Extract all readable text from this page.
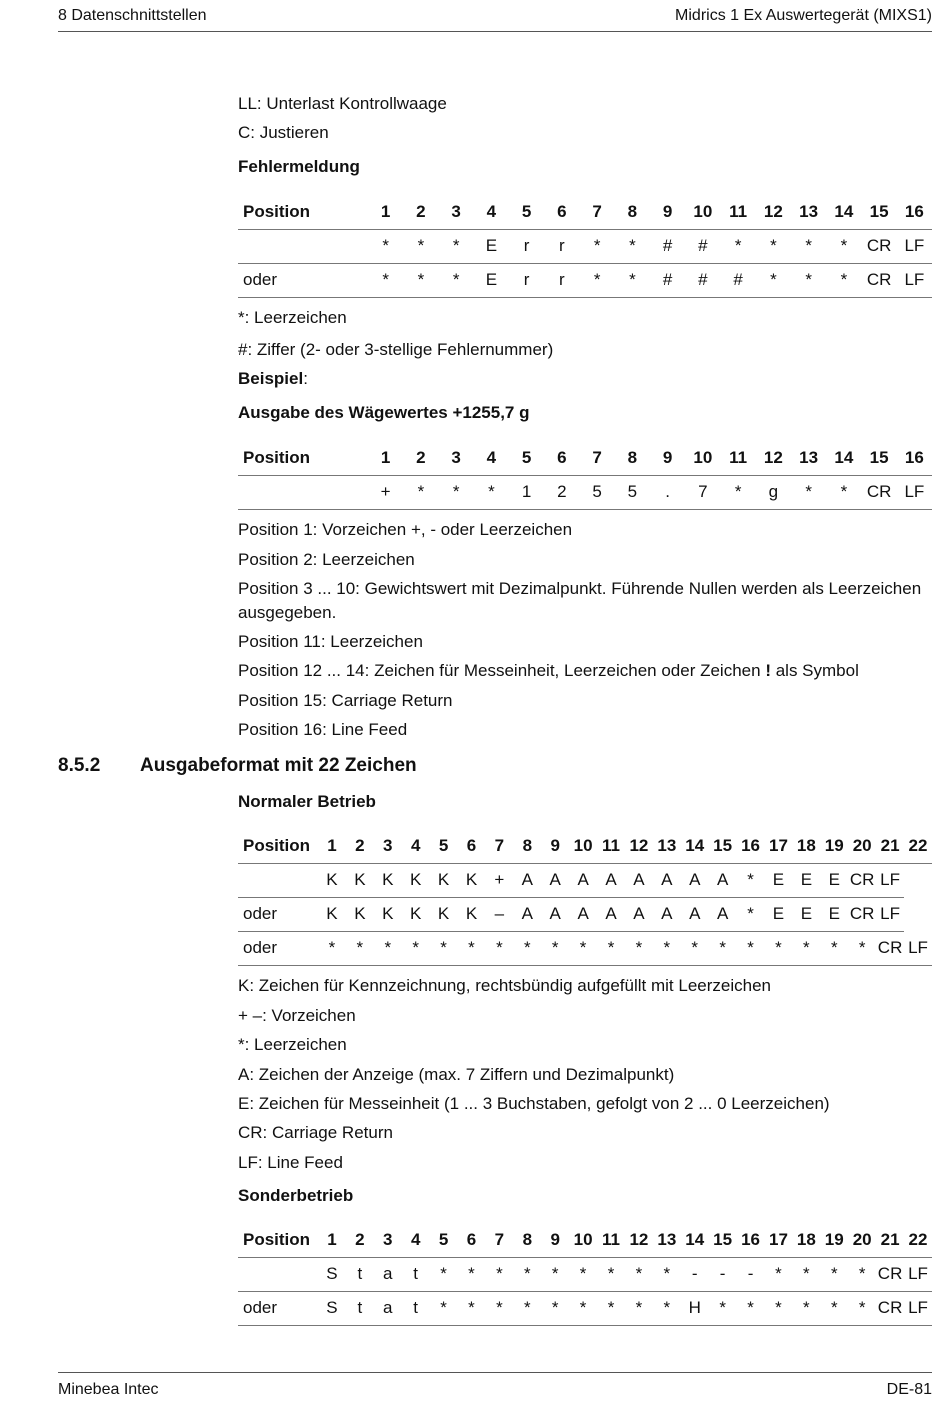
8 Datenschnittstellen	Midrics 1 Ex Auswertegerät (MIXS1)
LL: Unterlast Kontrollwaage
C: Justieren
Fehlermeldung
Position	1	2	3	4	5	6	7	8	9	10	11	12	13	14	15	16
	*	*	*	E	r	r	*	*	#	#	*	*	*	*	CR	LF
oder	*	*	*	E	r	r	*	*	#	#	#	*	*	*	CR	LF
*: Leerzeichen
#: Ziffer (2- oder 3-stellige Fehlernummer)
Beispiel:
Ausgabe des Wägewertes +1255,7 g
Position	1	2	3	4	5	6	7	8	9	10	11	12	13	14	15	16
	+	*	*	*	1	2	5	5	.	7	*	g	*	*	CR	LF
Position 1: Vorzeichen +, - oder Leerzeichen
Position 2: Leerzeichen
Position 3 ... 10: Gewichtswert mit Dezimalpunkt. Führende Nullen werden als Leerzeichen ausgegeben.
Position 11: Leerzeichen
Position 12 ... 14: Zeichen für Messeinheit, Leerzeichen oder Zeichen ! als Symbol
Position 15: Carriage Return
Position 16: Line Feed
8.5.2 Ausgabeformat mit 22 Zeichen
Normaler Betrieb
Position	1	2	3	4	5	6	7	8	9	10	11	12	13	14	15	16	17	18	19	20	21	22
	K	K	K	K	K	K	+	A	A	A	A	A	A	A	A	*	E	E	E	CR	LF	
oder	K	K	K	K	K	K	–	A	A	A	A	A	A	A	A	*	E	E	E	CR	LF	
oder	*	*	*	*	*	*	*	*	*	*	*	*	*	*	*	*	*	*	*	*	CR	LF
K: Zeichen für Kennzeichnung, rechtsbündig aufgefüllt mit Leerzeichen
+ –: Vorzeichen
*: Leerzeichen
A: Zeichen der Anzeige (max. 7 Ziffern und Dezimalpunkt)
E: Zeichen für Messeinheit (1 ... 3 Buchstaben, gefolgt von 2 ... 0 Leerzeichen)
CR: Carriage Return
LF: Line Feed
Sonderbetrieb
Position	1	2	3	4	5	6	7	8	9	10	11	12	13	14	15	16	17	18	19	20	21	22
	S	t	a	t	*	*	*	*	*	*	*	*	*	-	-	-	*	*	*	*	CR	LF
oder	S	t	a	t	*	*	*	*	*	*	*	*	*	H	*	*	*	*	*	*	CR	LF
Minebea Intec	DE-81
